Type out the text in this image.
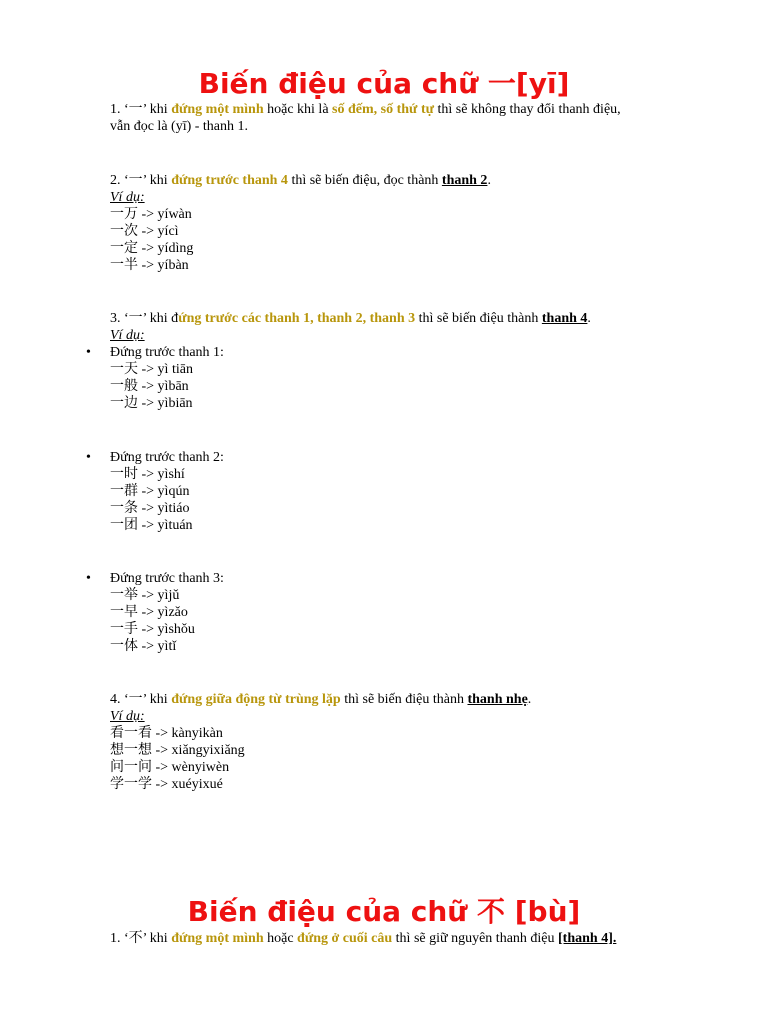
Biến điệu của chữ 一[yī]
1. ‘一’ khi đứng một mình hoặc khi là số đếm, số thứ tự thì sẽ không thay đổi thanh điệu,
vẫn đọc là (yī) - thanh 1.
2. ‘一’ khi đứng trước thanh 4 thì sẽ biến điệu, đọc thành thanh 2.
Ví dụ:
一万 -> yíwàn
一次 -> yícì
一定 -> yídìng
一半 -> yíbàn
3. ‘一’ khi đứng trước các thanh 1, thanh 2, thanh 3 thì sẽ biến điệu thành thanh 4.
Ví dụ:
• Đứng trước thanh 1:
一天 -> yì tiān
一般 -> yìbān
一边 -> yìbiān
• Đứng trước thanh 2:
一时 -> yìshí
一群 -> yìqún
一条 -> yìtiáo
一团 -> yìtuán
• Đứng trước thanh 3:
一举 -> yìjǔ
一早 -> yìzǎo
一手 -> yìshǒu
一体 -> yìtǐ
4. ‘一’ khi đứng giữa động từ trùng lặp thì sẽ biến điệu thành thanh nhẹ.
Ví dụ:
看一看 -> kànyikàn
想一想 -> xiǎngyixiǎng
问一问 -> wènyiwèn
学一学 -> xuéyixué
Biến điệu của chữ 不 [bù]
1. ‘不’ khi đứng một mình hoặc đứng ở cuối câu thì sẽ giữ nguyên thanh điệu [thanh 4].
